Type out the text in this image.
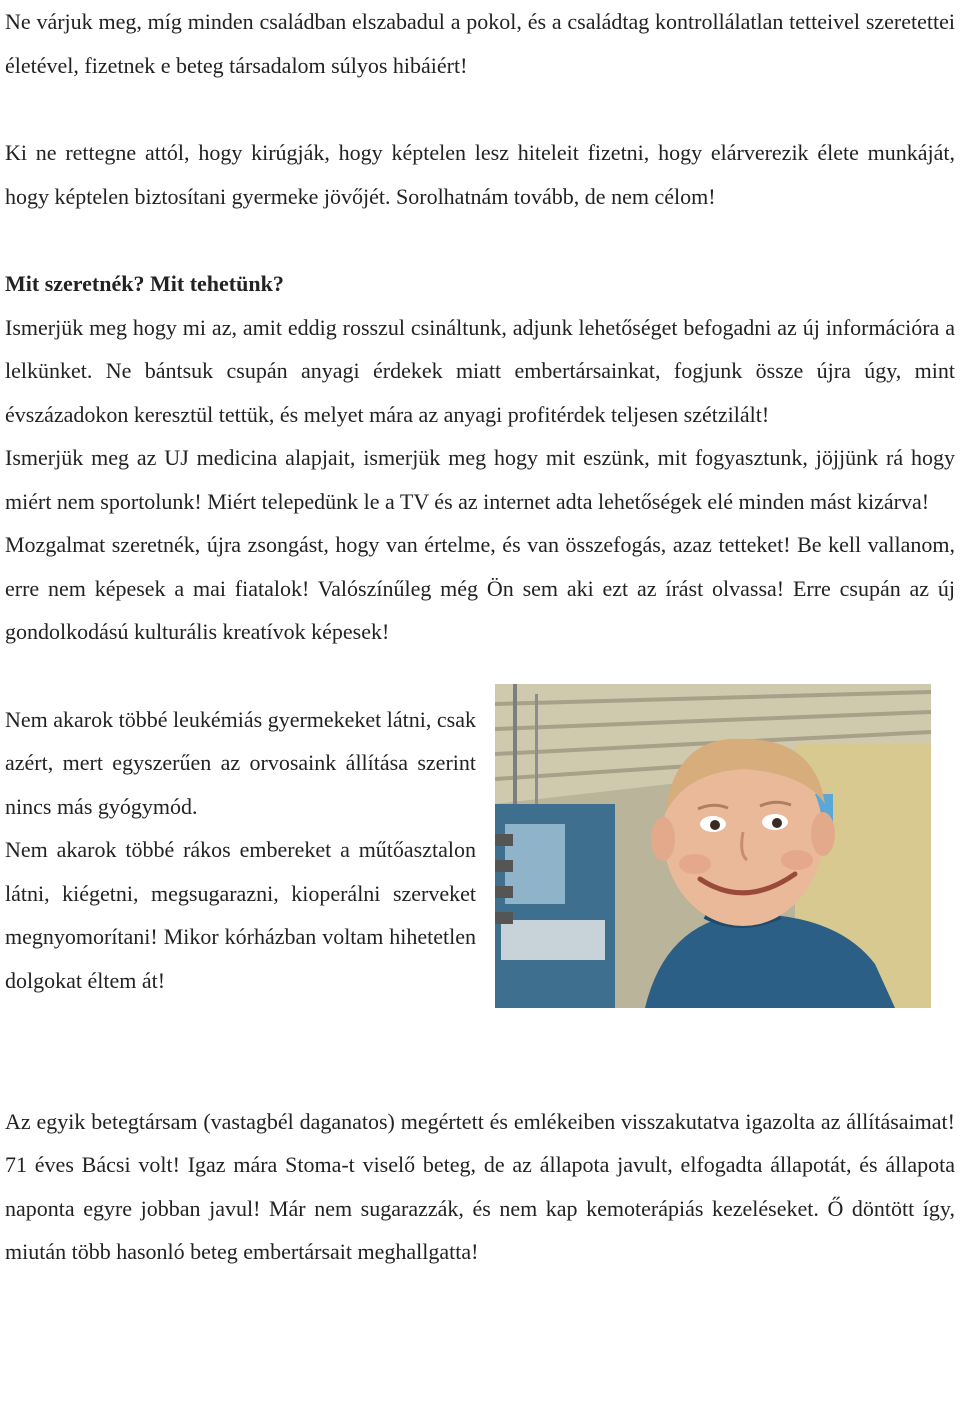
Ne várjuk meg, míg minden családban elszabadul a pokol, és a családtag kontrollálatlan tetteivel szeretettei életével, fizetnek e beteg társadalom súlyos hibáiért!

Ki ne rettegne attól, hogy kirúgják, hogy képtelen lesz hiteleit fizetni, hogy elárverezik élete munkáját, hogy képtelen biztosítani gyermeke jövőjét. Sorolhatnám tovább, de nem célom!

Mit szeretnék? Mit tehetünk?

Ismerjük meg hogy mi az, amit eddig rosszul csináltunk, adjunk lehetőséget befogadni az új információra a lelkünket. Ne bántsuk csupán anyagi érdekek miatt embertársainkat, fogjunk össze újra úgy, mint évszázadokon keresztül tettük, és melyet mára az anyagi profitérdek teljesen szétzilált!

Ismerjük meg az UJ medicina alapjait, ismerjük meg hogy mit eszünk, mit fogyasztunk, jöjjünk rá hogy miért nem sportolunk! Miért telepedünk le a TV és az internet adta lehetőségek elé minden mást kizárva!

Mozgalmat szeretnék, újra zsongást, hogy van értelme, és van összefogás, azaz tetteket! Be kell vallanom, erre nem képesek a mai fiatalok! Valószínűleg még Ön sem aki ezt az írást olvassa! Erre csupán az új gondolkodású kulturális kreatívok képesek!

Nem akarok többé leukémiás gyermekeket látni, csak azért, mert egyszerűen az orvosaink állítása szerint nincs más gyógymód.

Nem akarok többé rákos embereket a műtőasztalon látni, kiégetni, megsugarazni, kioperálni szerveket megnyomorítani! Mikor kórházban voltam hihetetlen dolgokat éltem át!

Az egyik betegtársam (vastagbél daganatos) megértett és emlékeiben visszakutatva igazolta az állításaimat! 71 éves Bácsi volt! Igaz mára Stoma-t viselő beteg, de az állapota javult, elfogadta állapotát, és állapota naponta egyre jobban javul! Már nem sugarazzák, és nem kap kemoterápiás kezeléseket. Ő döntött így, miután több hasonló beteg embertársait meghallgatta!
